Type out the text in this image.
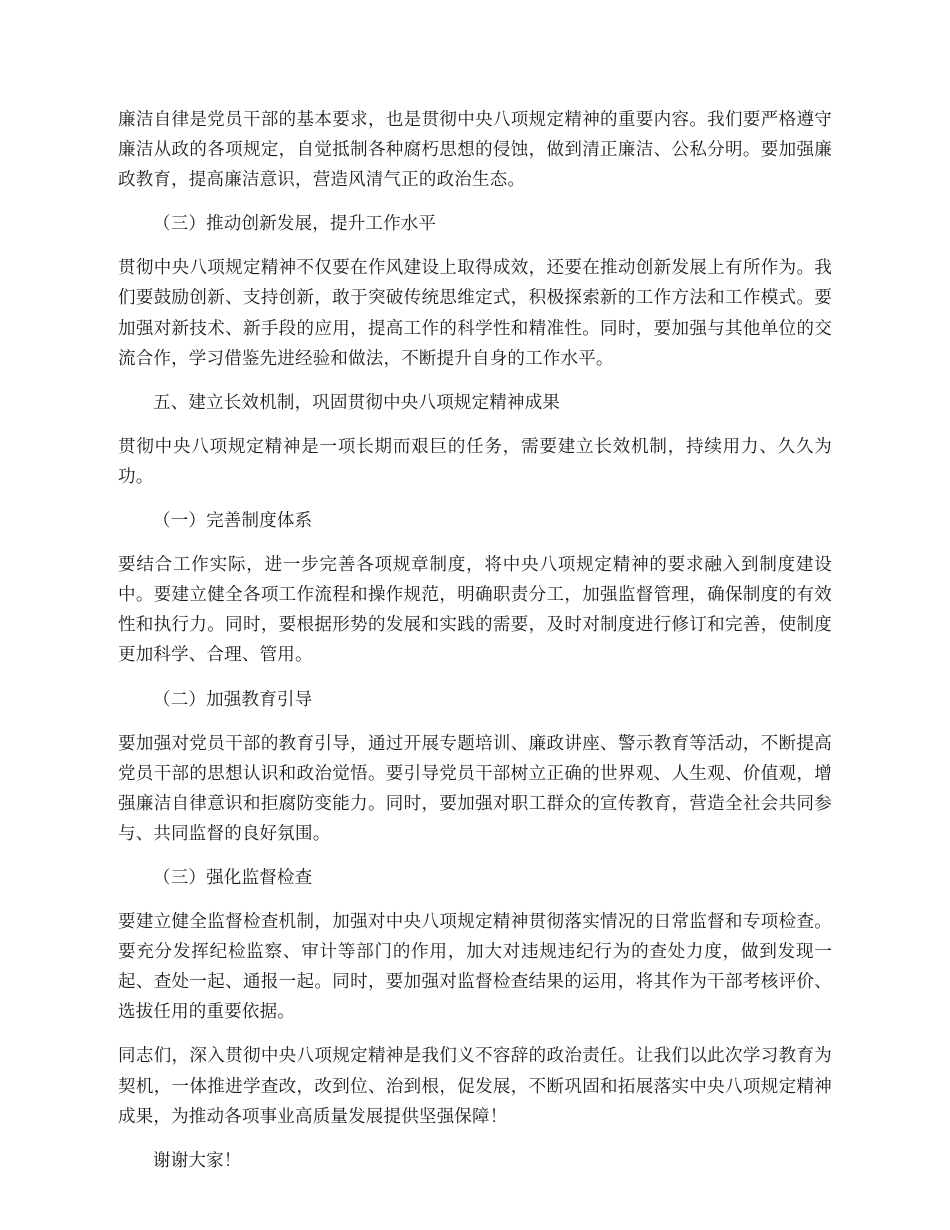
廉洁自律是党员干部的基本要求，也是贯彻中央八项规定精神的重要内容。我们要严格遵守廉洁从政的各项规定，自觉抵制各种腐朽思想的侵蚀，做到清正廉洁、公私分明。要加强廉政教育，提高廉洁意识，营造风清气正的政治生态。

（三）推动创新发展，提升工作水平

贯彻中央八项规定精神不仅要在作风建设上取得成效，还要在推动创新发展上有所作为。我们要鼓励创新、支持创新，敢于突破传统思维定式，积极探索新的工作方法和工作模式。要加强对新技术、新手段的应用，提高工作的科学性和精准性。同时，要加强与其他单位的交流合作，学习借鉴先进经验和做法，不断提升自身的工作水平。

五、建立长效机制，巩固贯彻中央八项规定精神成果

贯彻中央八项规定精神是一项长期而艰巨的任务，需要建立长效机制，持续用力、久久为功。

（一）完善制度体系

要结合工作实际，进一步完善各项规章制度，将中央八项规定精神的要求融入到制度建设中。要建立健全各项工作流程和操作规范，明确职责分工，加强监督管理，确保制度的有效性和执行力。同时，要根据形势的发展和实践的需要，及时对制度进行修订和完善，使制度更加科学、合理、管用。

（二）加强教育引导

要加强对党员干部的教育引导，通过开展专题培训、廉政讲座、警示教育等活动，不断提高党员干部的思想认识和政治觉悟。要引导党员干部树立正确的世界观、人生观、价值观，增强廉洁自律意识和拒腐防变能力。同时，要加强对职工群众的宣传教育，营造全社会共同参与、共同监督的良好氛围。

（三）强化监督检查

要建立健全监督检查机制，加强对中央八项规定精神贯彻落实情况的日常监督和专项检查。要充分发挥纪检监察、审计等部门的作用，加大对违规违纪行为的查处力度，做到发现一起、查处一起、通报一起。同时，要加强对监督检查结果的运用，将其作为干部考核评价、选拔任用的重要依据。

同志们，深入贯彻中央八项规定精神是我们义不容辞的政治责任。让我们以此次学习教育为契机，一体推进学查改，改到位、治到根，促发展，不断巩固和拓展落实中央八项规定精神成果，为推动各项事业高质量发展提供坚强保障！

谢谢大家！
